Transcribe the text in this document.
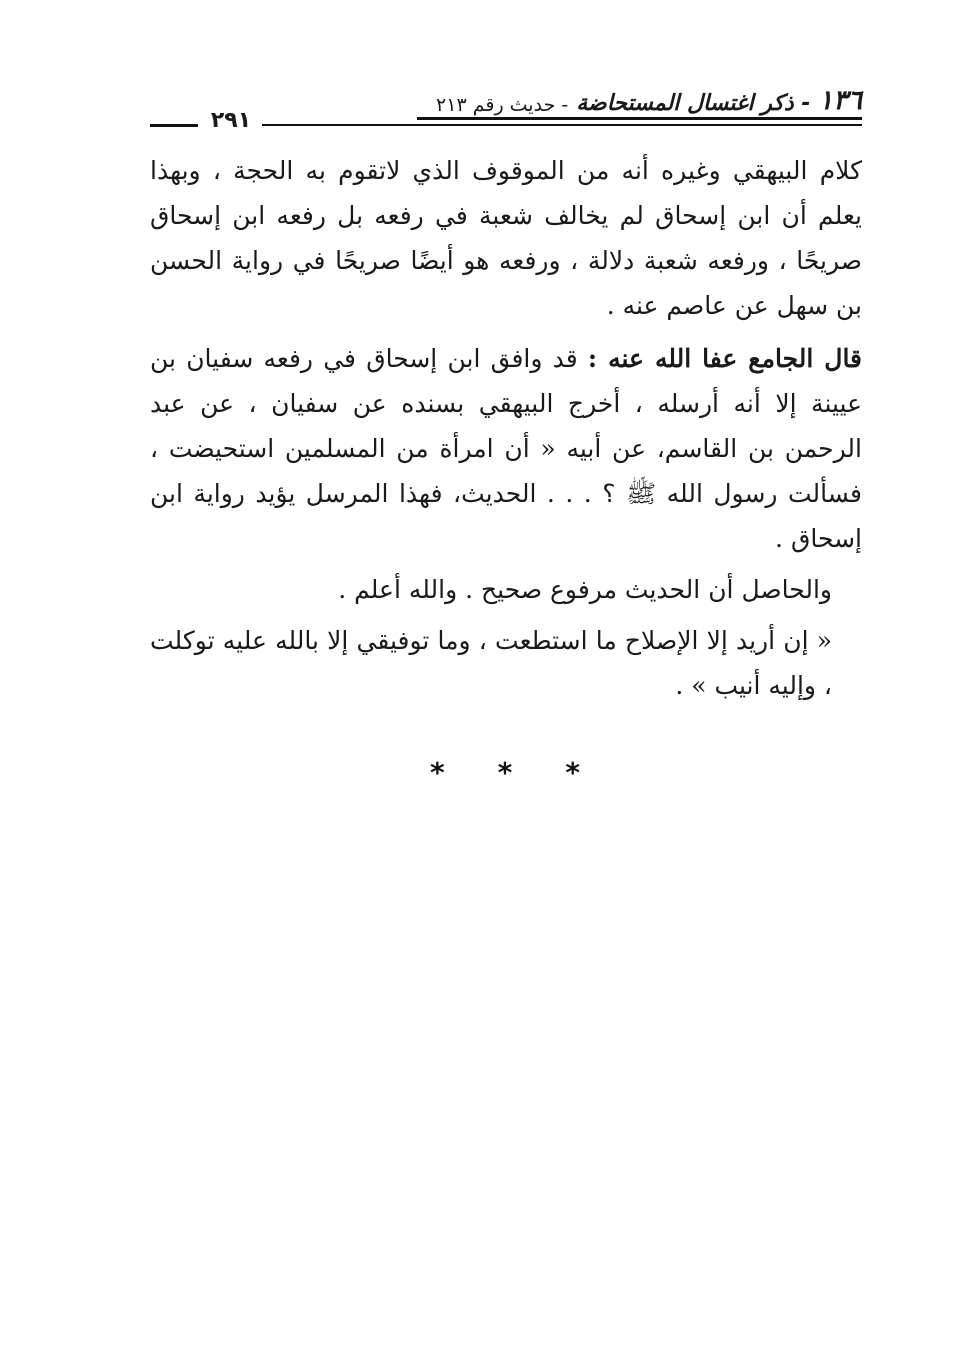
١٣٦
- ذكر اغتسال المستحاضة
- حديث رقم ٢١٣
٢٩١

كلام البيهقي وغيره أنه من الموقوف الذي لاتقوم به الحجة ، وبهذا يعلم أن ابن إسحاق لم يخالف شعبة في رفعه بل رفعه ابن إسحاق صريحًا ، ورفعه شعبة دلالة ، ورفعه هو أيضًا صريحًا في رواية الحسن بن سهل عن عاصم عنه .

قال الجامع عفا الله عنه : قد وافق ابن إسحاق في رفعه سفيان بن عيينة إلا أنه أرسله ، أخرج البيهقي بسنده عن سفيان ، عن عبد الرحمن بن القاسم، عن أبيه « أن امرأة من المسلمين استحيضت ، فسألت رسول الله ﷺ ؟ . . . الحديث، فهذا المرسل يؤيد رواية ابن إسحاق .

والحاصل أن الحديث مرفوع صحيح . والله أعلم .

« إن أريد إلا الإصلاح ما استطعت ، وما توفيقي إلا بالله عليه توكلت ، وإليه أنيب » .

* * *
